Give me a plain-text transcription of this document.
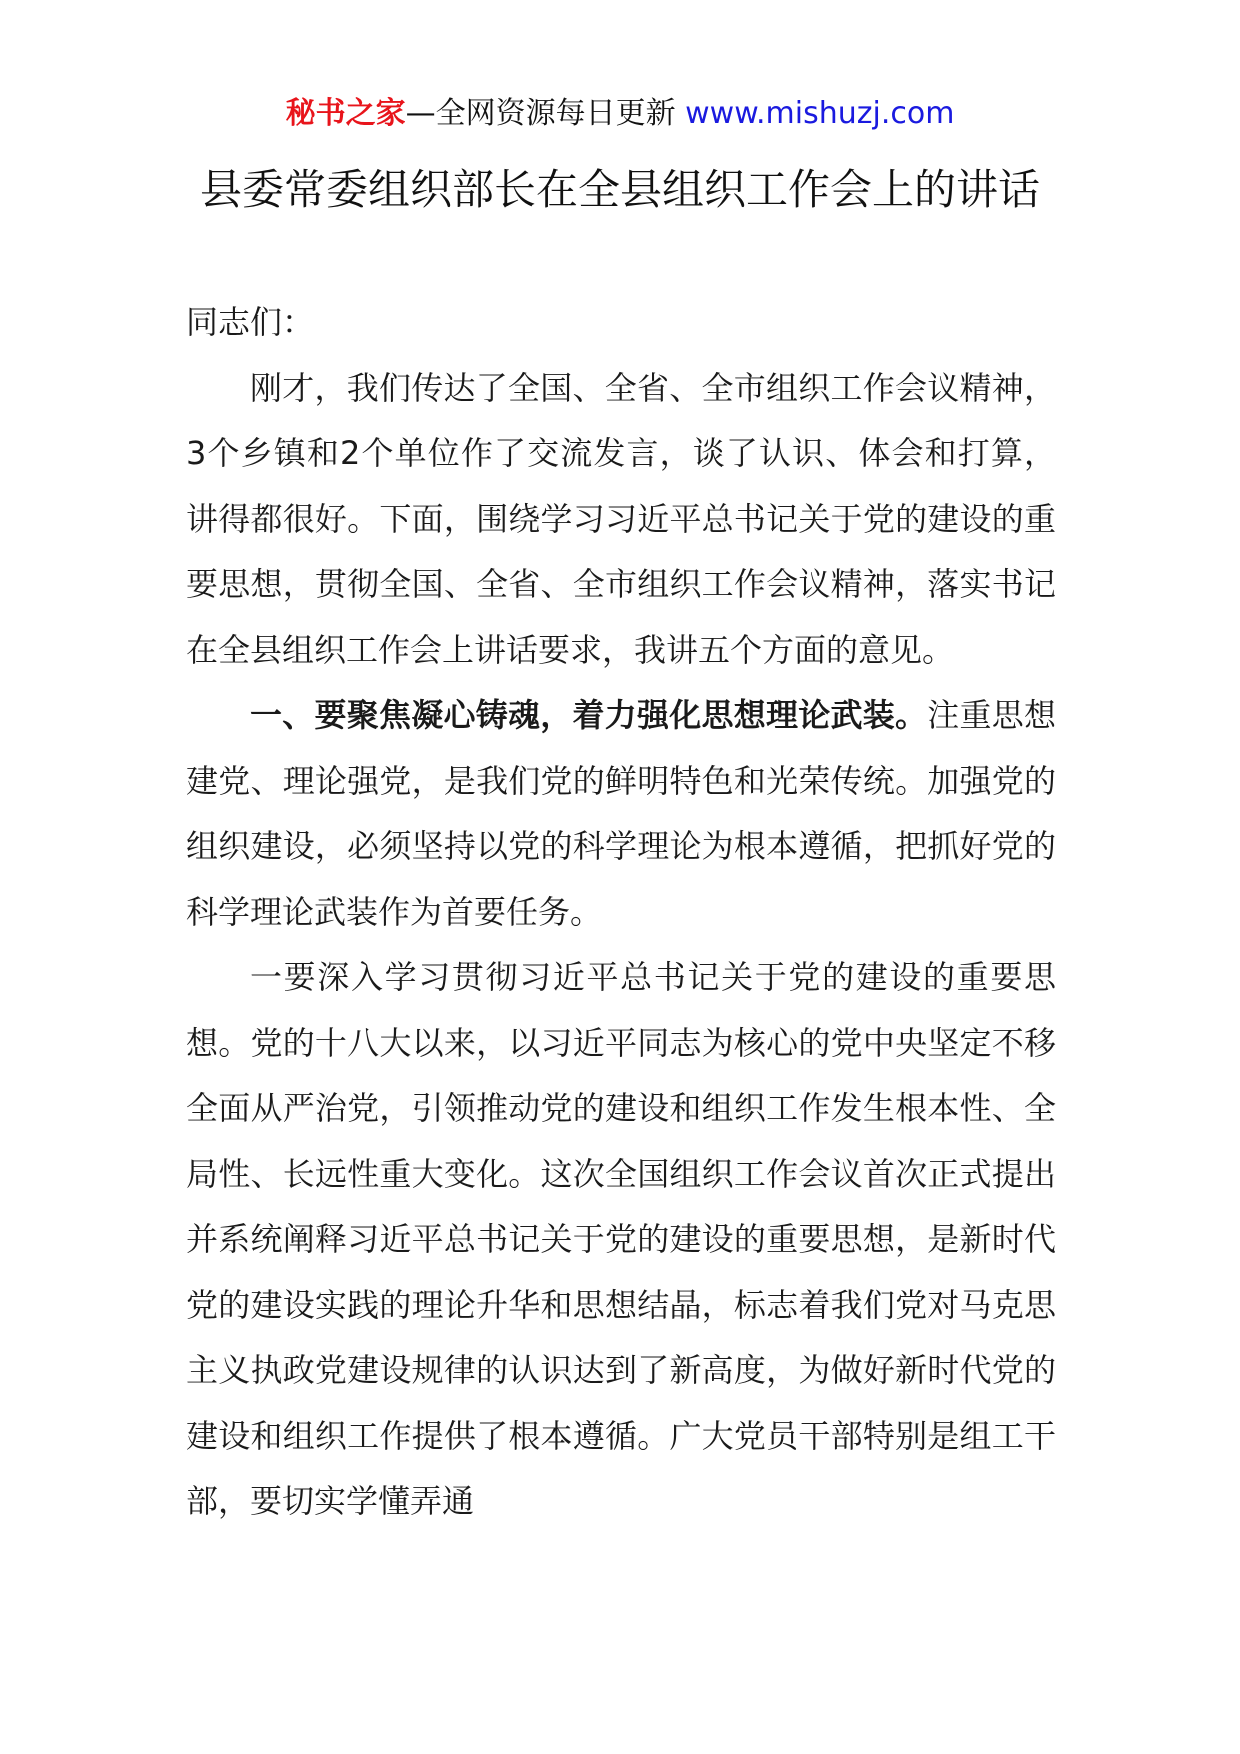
秘书之家—全网资源每日更新 www.mishuzj.com
县委常委组织部长在全县组织工作会上的讲话

同志们：

刚才，我们传达了全国、全省、全市组织工作会议精神，3个乡镇和2个单位作了交流发言，谈了认识、体会和打算，讲得都很好。下面，围绕学习习近平总书记关于党的建设的重要思想，贯彻全国、全省、全市组织工作会议精神，落实书记在全县组织工作会上讲话要求，我讲五个方面的意见。

一、要聚焦凝心铸魂，着力强化思想理论武装。注重思想建党、理论强党，是我们党的鲜明特色和光荣传统。加强党的组织建设，必须坚持以党的科学理论为根本遵循，把抓好党的科学理论武装作为首要任务。

一要深入学习贯彻习近平总书记关于党的建设的重要思想。党的十八大以来，以习近平同志为核心的党中央坚定不移全面从严治党，引领推动党的建设和组织工作发生根本性、全局性、长远性重大变化。这次全国组织工作会议首次正式提出并系统阐释习近平总书记关于党的建设的重要思想，是新时代党的建设实践的理论升华和思想结晶，标志着我们党对马克思主义执政党建设规律的认识达到了新高度，为做好新时代党的建设和组织工作提供了根本遵循。广大党员干部特别是组工干部，要切实学懂弄通
